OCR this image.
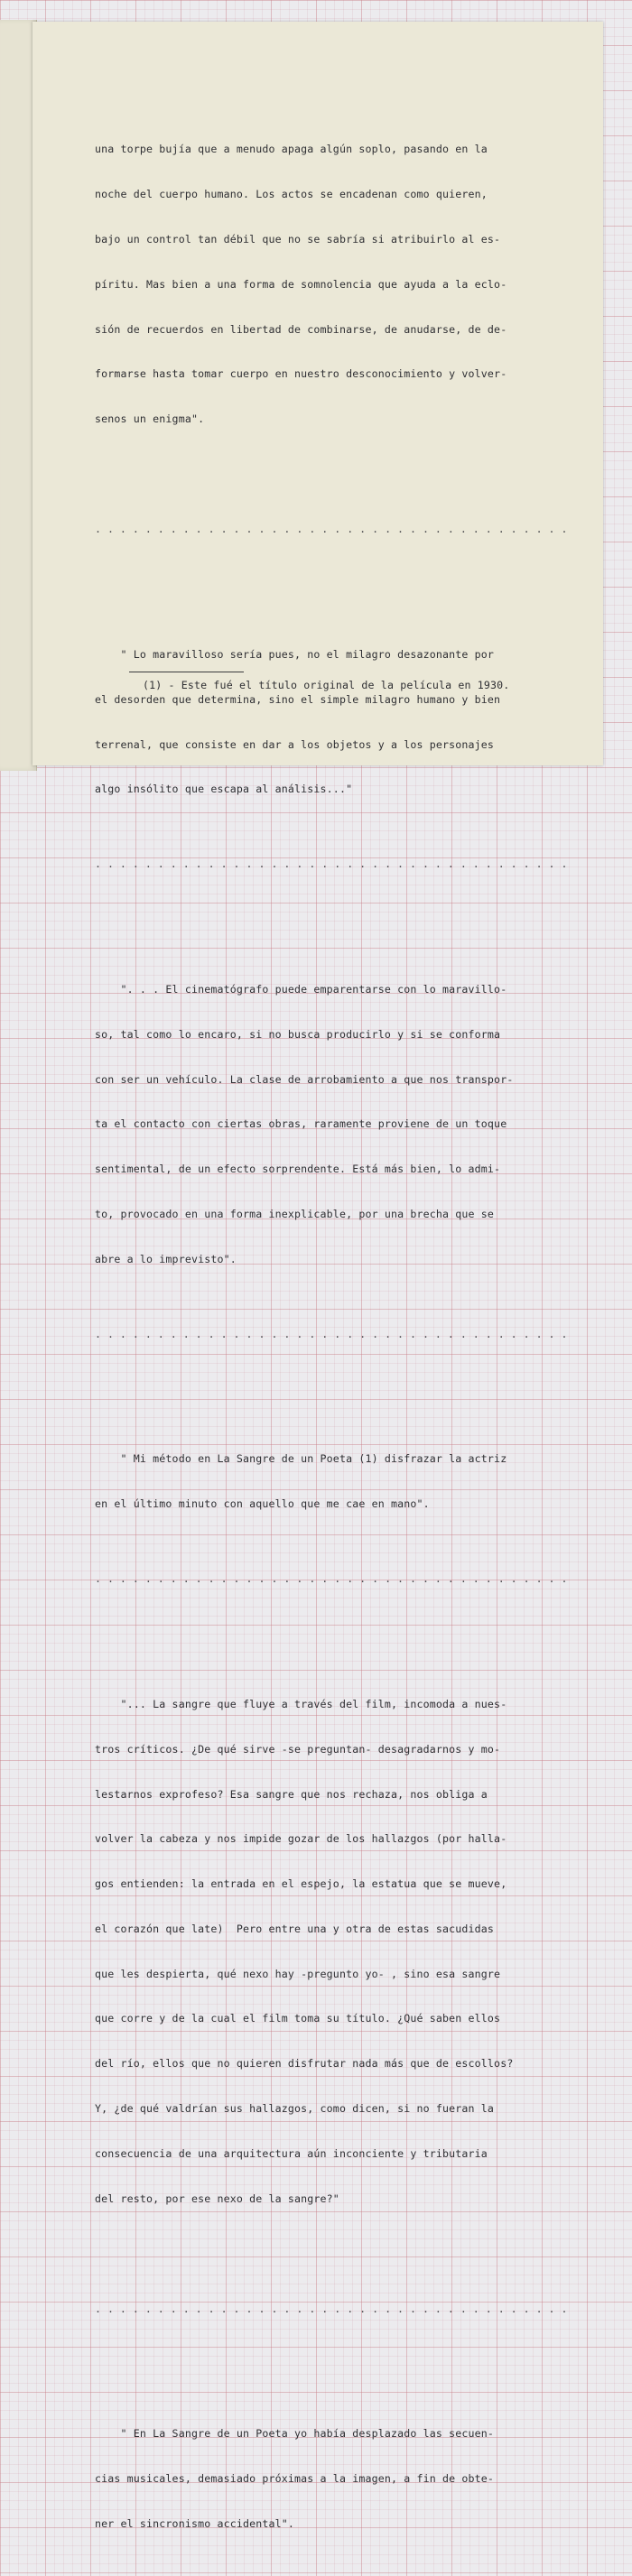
una torpe bujía que a menudo apaga algún soplo, pasando en la

noche del cuerpo humano. Los actos se encadenan como quieren,

bajo un control tan débil que no se sabría si atribuirlo al es-

píritu. Mas bien a una forma de somnolencia que ayuda a la eclo-

sión de recuerdos en libertad de combinarse, de anudarse, de de-

formarse hasta tomar cuerpo en nuestro desconocimiento y volver-

senos un enigma".

. . . . . . . . . . . . . . . . . . . . . . . . . . . . . . . . . . . . . .

" Lo maravilloso sería pues, no el milagro desazonante por

el desorden que determina, sino el simple milagro humano y bien

terrenal, que consiste en dar a los objetos y a los personajes

algo insólito que escapa al análisis..."

. . . . . . . . . . . . . . . . . . . . . . . . . . . . . . . . . . . . . .

". . . El cinematógrafo puede emparentarse con lo maravillo-

so, tal como lo encaro, si no busca producirlo y si se conforma

con ser un vehículo. La clase de arrobamiento a que nos transpor-

ta el contacto con ciertas obras, raramente proviene de un toque

sentimental, de un efecto sorprendente. Está más bien, lo admi-

to, provocado en una forma inexplicable, por una brecha que se

abre a lo imprevisto".

. . . . . . . . . . . . . . . . . . . . . . . . . . . . . . . . . . . . . .

" Mi método en La Sangre de un Poeta (1) disfrazar la actriz

en el último minuto con aquello que me cae en mano".

. . . . . . . . . . . . . . . . . . . . . . . . . . . . . . . . . . . . . .

"... La sangre que fluye a través del film, incomoda a nues-

tros críticos. ¿De qué sirve -se preguntan- desagradarnos y mo-

lestarnos exprofeso? Esa sangre que nos rechaza, nos obliga a

volver la cabeza y nos impide gozar de los hallazgos (por halla-

gos entienden: la entrada en el espejo, la estatua que se mueve,

el corazón que late)  Pero entre una y otra de estas sacudidas

que les despierta, qué nexo hay -pregunto yo- , sino esa sangre

que corre y de la cual el film toma su título. ¿Qué saben ellos

del río, ellos que no quieren disfrutar nada más que de escollos?

Y, ¿de qué valdrían sus hallazgos, como dicen, si no fueran la

consecuencia de una arquitectura aún inconciente y tributaria

del resto, por ese nexo de la sangre?"

. . . . . . . . . . . . . . . . . . . . . . . . . . . . . . . . . . . . . .

" En La Sangre de un Poeta yo había desplazado las secuen-

cias musicales, demasiado próximas a la imagen, a fin de obte-

ner el sincronismo accidental".

(1) - Este fué el título original de la película en 1930.
